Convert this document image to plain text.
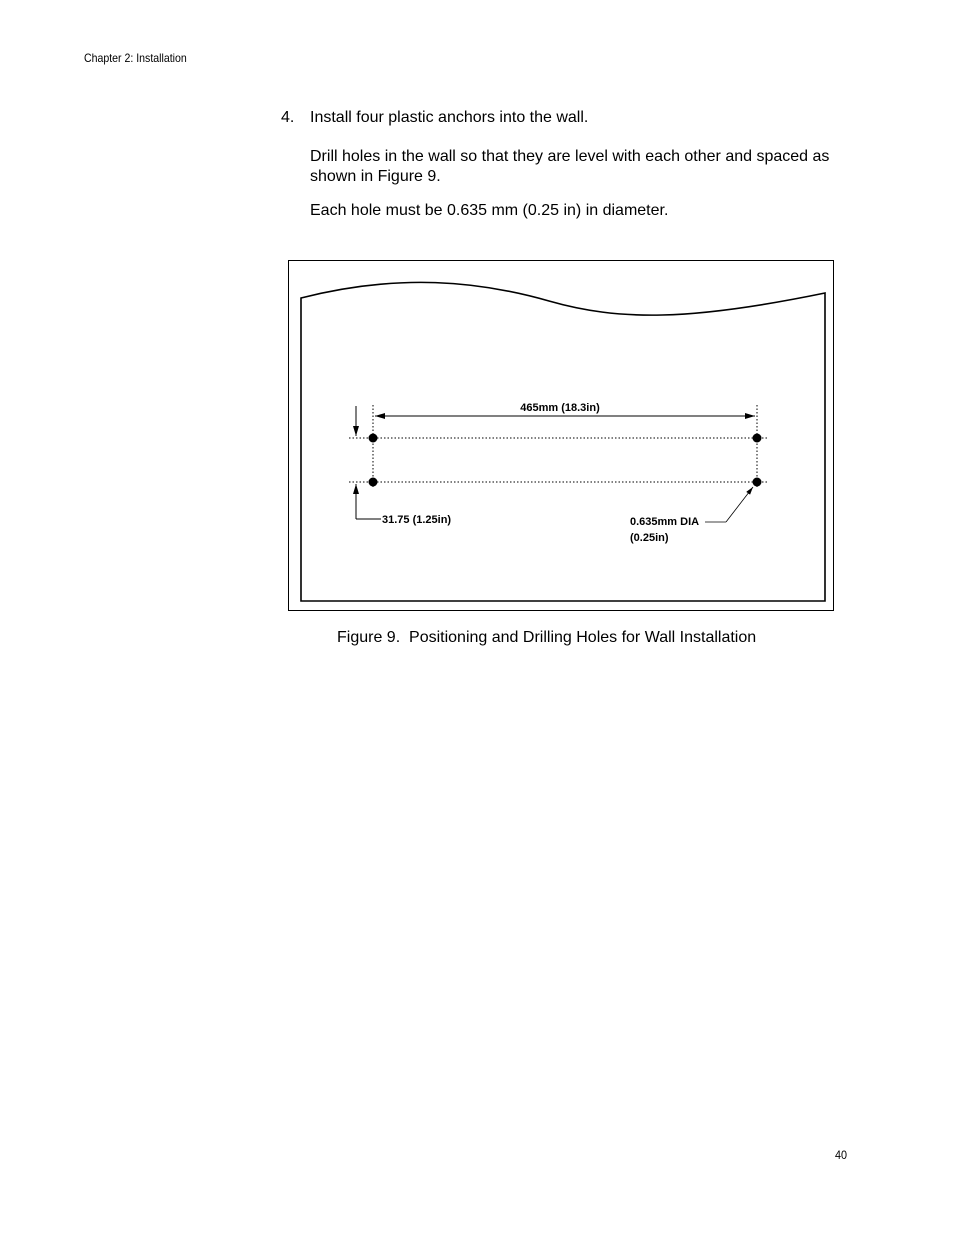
Chapter 2: Installation
4. Install four plastic anchors into the wall.
Drill holes in the wall so that they are level with each other and spaced as shown in Figure 9.
Each hole must be 0.635 mm (0.25 in) in diameter.
465mm (18.3in)
31.75 (1.25in)	0.635mm DIA
(0.25in)
Figure 9.  Positioning and Drilling Holes for Wall Installation
40
